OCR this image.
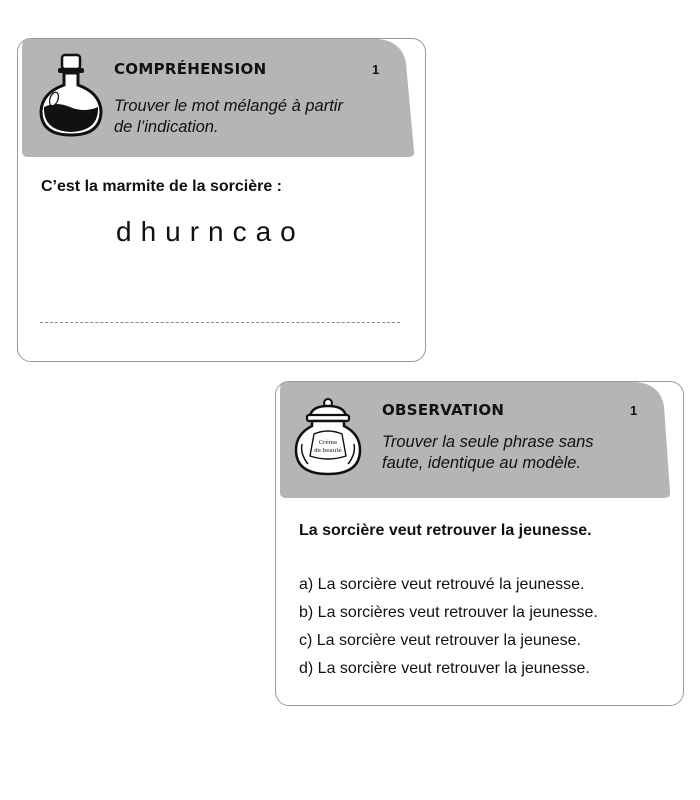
COMPRÉHENSION	1
Trouver le mot mélangé à partir
de l’indication.
C’est la marmite de la sorcière :
dhurncao
Crème
de beauté
OBSERVATION	1
Trouver la seule phrase sans
faute, identique au modèle.
La sorcière veut retrouver la jeunesse.
a) La sorcière veut retrouvé la jeunesse.
b) La sorcières veut retrouver la jeunesse.
c) La sorcière veut retrouver la jeunese.
d) La sorcière veut retrouver la jeunesse.
